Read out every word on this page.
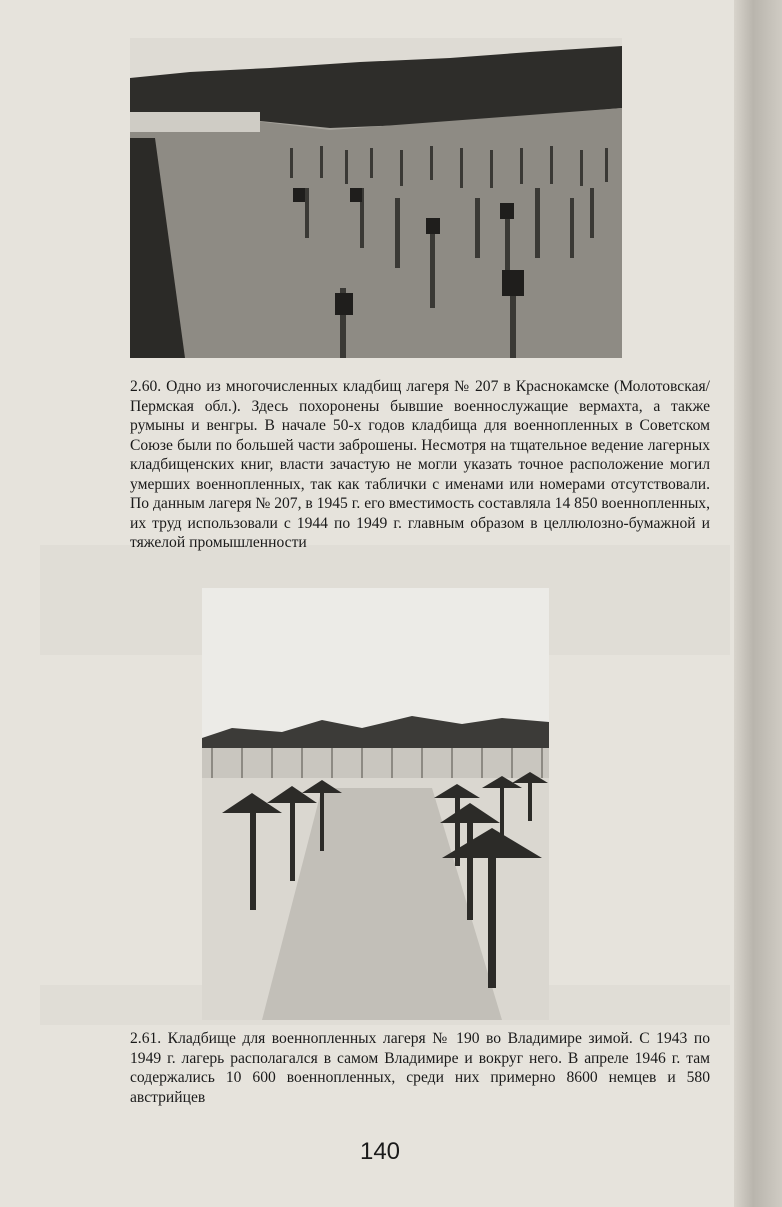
2.60. Одно из многочисленных кладбищ лагеря № 207 в Краснокамске (Молотовская/Пермская обл.). Здесь похоронены бывшие военнослужащие вермахта, а также румыны и венгры. В начале 50-х годов кладбища для военнопленных в Советском Союзе были по большей части заброшены. Несмотря на тщательное ведение лагерных кладбищенских книг, власти зачастую не могли указать точное расположение могил умерших военнопленных, так как таблички с именами или номерами отсутствовали. По данным лагеря № 207, в 1945 г. его вместимость составляла 14 850 военнопленных, их труд использовали с 1944 по 1949 г. главным образом в целлюлозно-бумажной и тяжелой промышленности

2.61. Кладбище для военнопленных лагеря № 190 во Владимире зимой. С 1943 по 1949 г. лагерь располагался в самом Владимире и вокруг него. В апреле 1946 г. там содержались 10 600 военнопленных, среди них примерно 8600 немцев и 580 австрийцев

140
